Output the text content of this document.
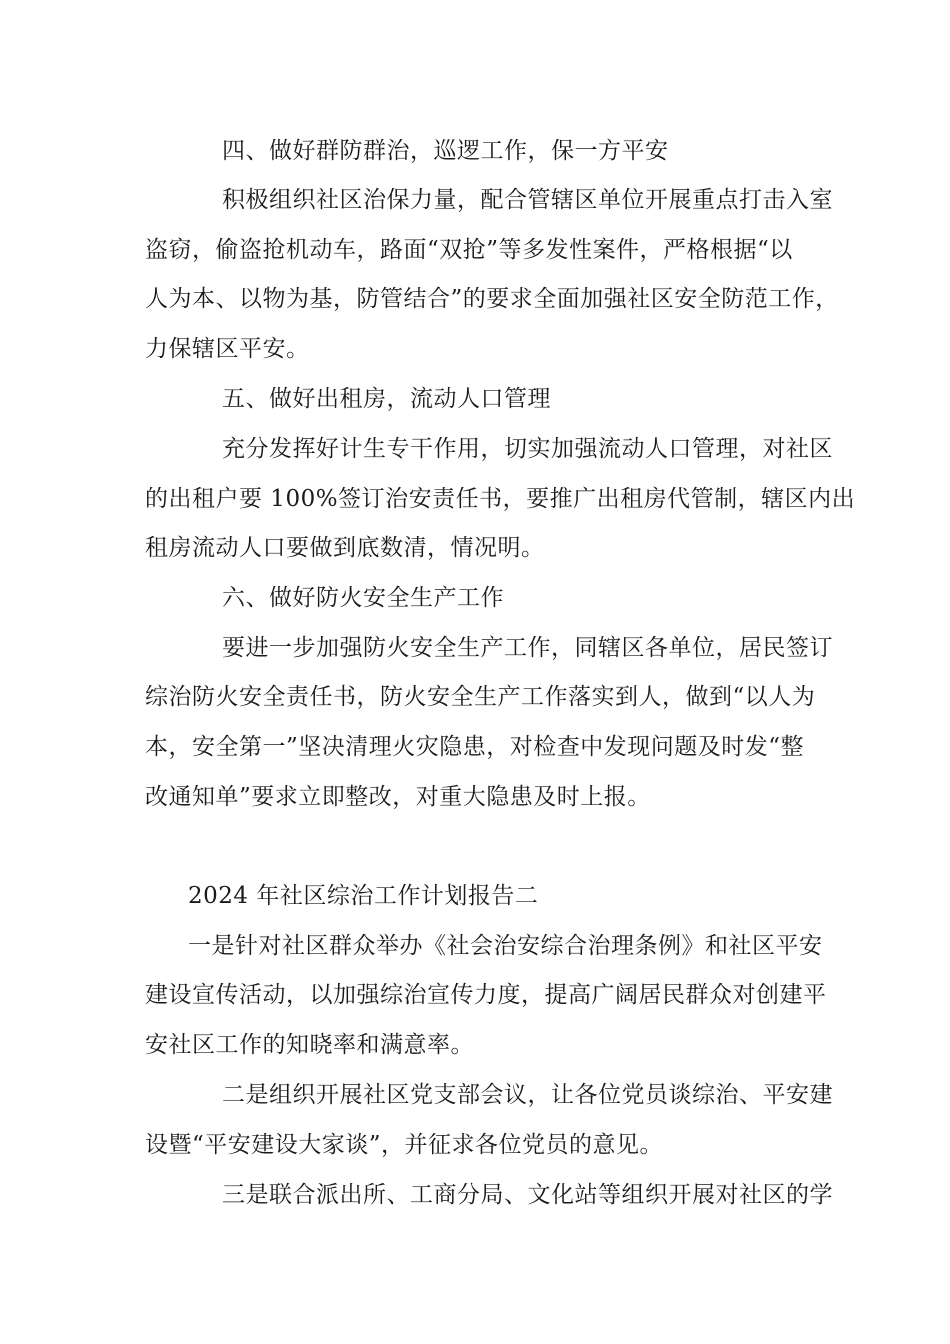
四、做好群防群治，巡逻工作，保一方平安
积极组织社区治保力量，配合管辖区单位开展重点打击入室
盗窃，偷盗抢机动车，路面“双抢”等多发性案件，严格根据“以
人为本、以物为基，防管结合”的要求全面加强社区安全防范工作，
力保辖区平安。
五、做好出租房，流动人口管理
充分发挥好计生专干作用，切实加强流动人口管理，对社区
的出租户要 100%签订治安责任书，要推广出租房代管制，辖区内出
租房流动人口要做到底数清，情况明。
六、做好防火安全生产工作
要进一步加强防火安全生产工作，同辖区各单位，居民签订
综治防火安全责任书，防火安全生产工作落实到人，做到“以人为
本，安全第一”坚决清理火灾隐患，对检查中发现问题及时发“整
改通知单”要求立即整改，对重大隐患及时上报。
2024 年社区综治工作计划报告二
一是针对社区群众举办《社会治安综合治理条例》和社区平安
建设宣传活动，以加强综治宣传力度，提高广阔居民群众对创建平
安社区工作的知晓率和满意率。
二是组织开展社区党支部会议，让各位党员谈综治、平安建
设暨“平安建设大家谈”，并征求各位党员的意见。
三是联合派出所、工商分局、文化站等组织开展对社区的学
